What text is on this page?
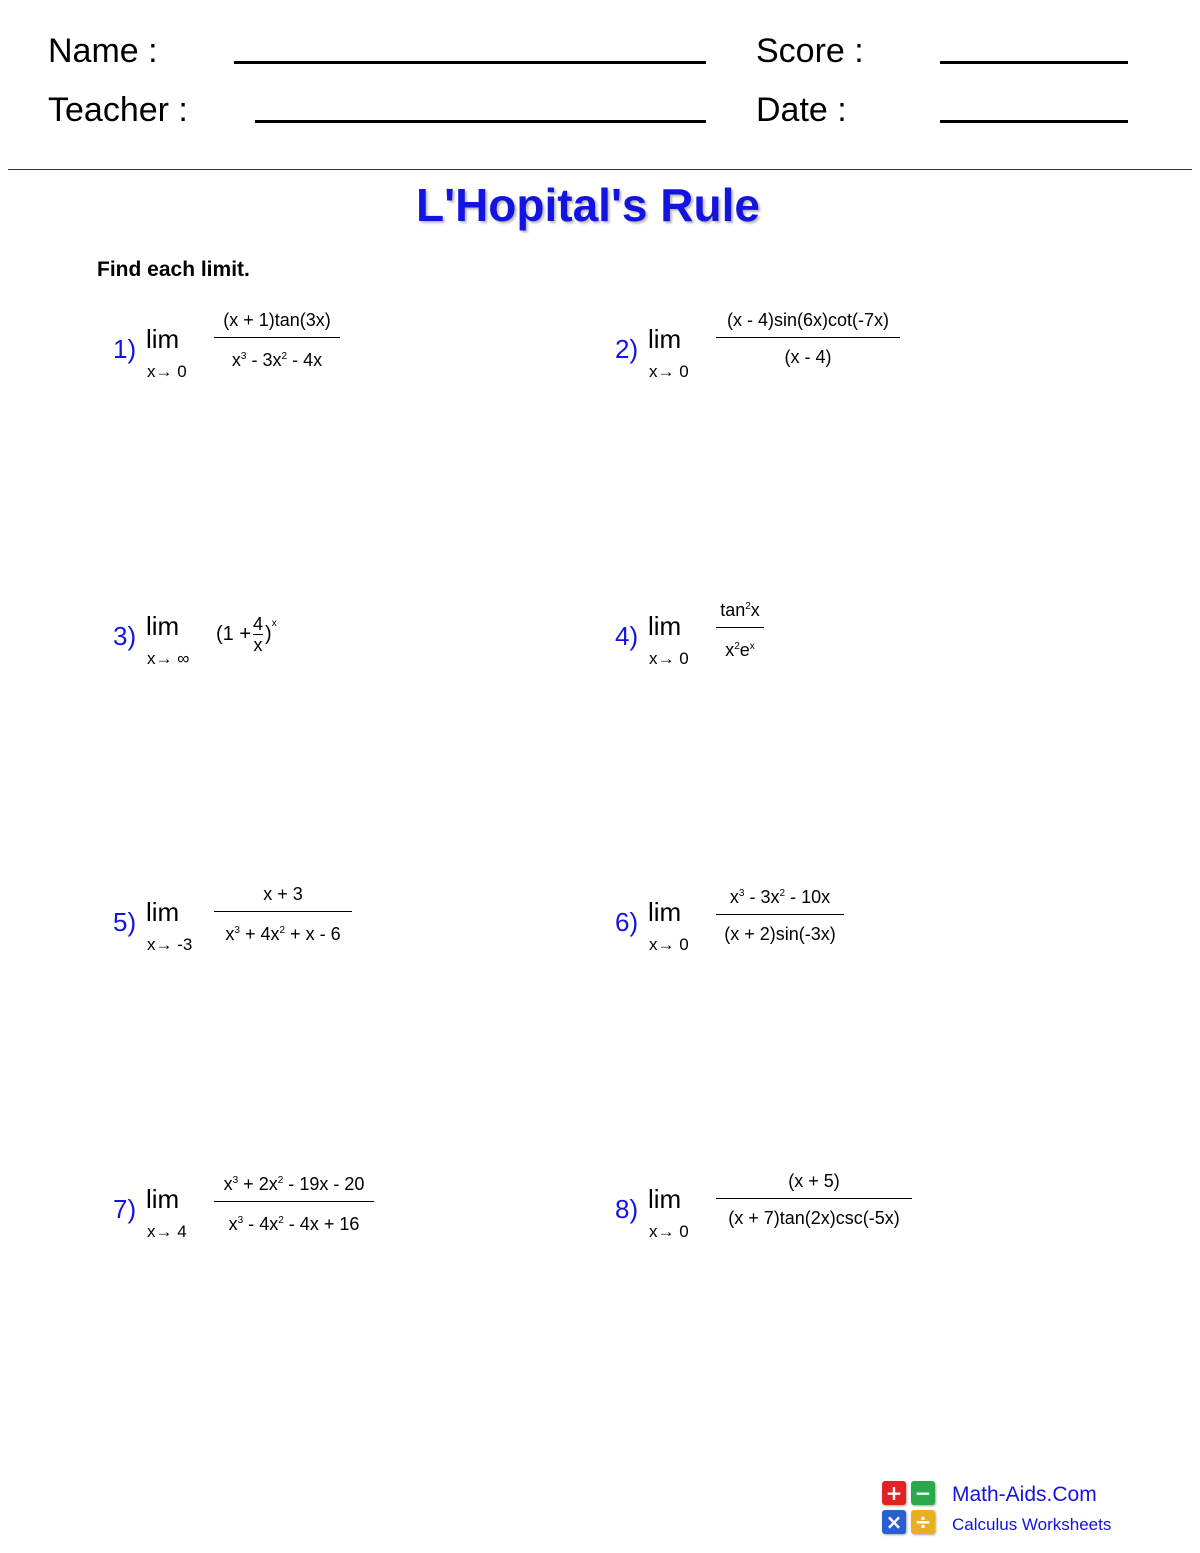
Name :	Score :
Teacher :	Date :
L'Hopital's Rule
Find each limit.
1) lim
x→ 0
$\frac{(x + 1)\tan(3x)}{x^3 - 3x^2 - 4x}$	2) lim
x→ 0
$\frac{(x - 4)\sin(6x)\cot(-7x)}{(x - 4)}$
3) lim
x→ ∞
$(1 + \frac{4}{x} )^x$	4) lim
$x\to 0 \frac{\tan^2x}{x^2e^x}$
5) lim
$x\to -3 \frac{x + 3}{x^3 + 4x^2 + x - 6}$	6) lim
$x\to 0 \frac{x^3 - 3x^2 - 10x}{(x + 2)\sin(-3x)}$
7) lim
$x\to 4 \frac{x^3 + 2x^2 - 19x - 20}{x^3 - 4x^2 - 4x + 16}$	8) lim
x→ 0
$\frac{(x + 5)}{(x + 7)\tan(2x)\csc(-5x)}$
+ −
× ÷
Math-Aids.Com
Calculus Worksheets
